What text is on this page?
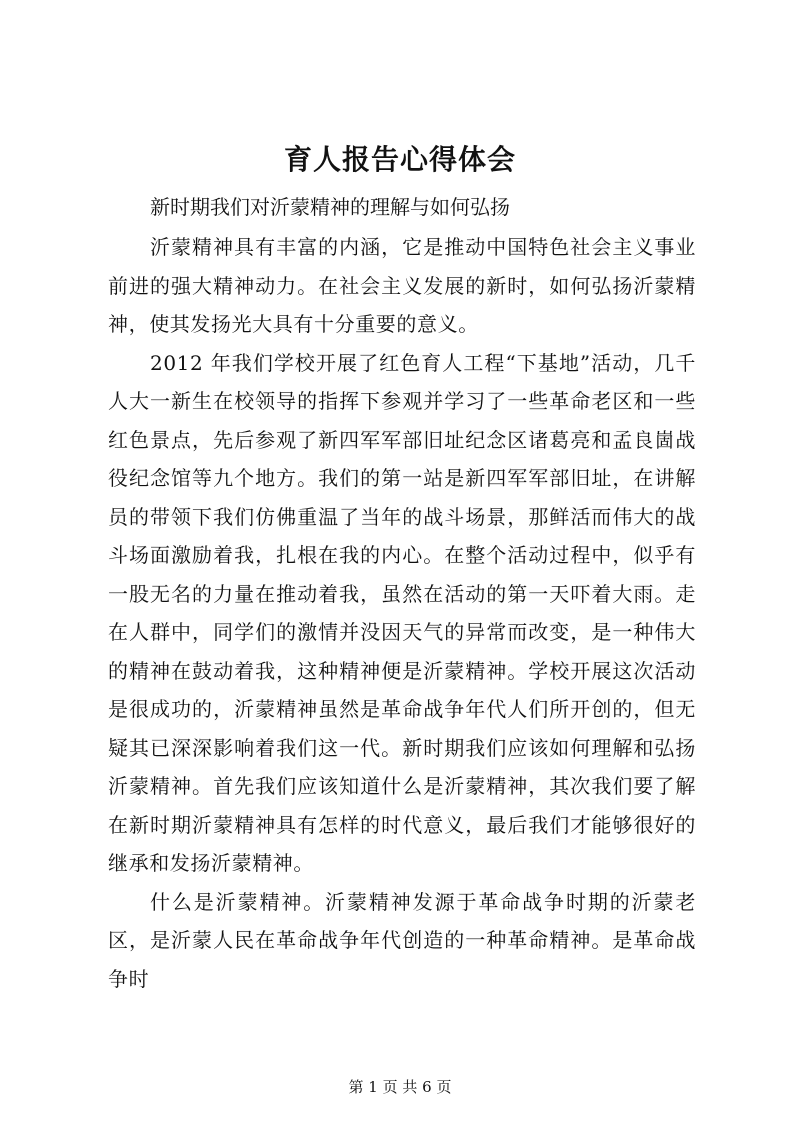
育人报告心得体会

新时期我们对沂蒙精神的理解与如何弘扬

沂蒙精神具有丰富的内涵，它是推动中国特色社会主义事业前进的强大精神动力。在社会主义发展的新时，如何弘扬沂蒙精神，使其发扬光大具有十分重要的意义。

2012 年我们学校开展了红色育人工程“下基地”活动，几千人大一新生在校领导的指挥下参观并学习了一些革命老区和一些红色景点，先后参观了新四军军部旧址纪念区诸葛亮和孟良崮战役纪念馆等九个地方。我们的第一站是新四军军部旧址，在讲解员的带领下我们仿佛重温了当年的战斗场景，那鲜活而伟大的战斗场面激励着我，扎根在我的内心。在整个活动过程中，似乎有一股无名的力量在推动着我，虽然在活动的第一天吓着大雨。走在人群中，同学们的激情并没因天气的异常而改变，是一种伟大的精神在鼓动着我，这种精神便是沂蒙精神。学校开展这次活动是很成功的，沂蒙精神虽然是革命战争年代人们所开创的，但无疑其已深深影响着我们这一代。新时期我们应该如何理解和弘扬沂蒙精神。首先我们应该知道什么是沂蒙精神，其次我们要了解在新时期沂蒙精神具有怎样的时代意义，最后我们才能够很好的继承和发扬沂蒙精神。

什么是沂蒙精神。沂蒙精神发源于革命战争时期的沂蒙老区，是沂蒙人民在革命战争年代创造的一种革命精神。是革命战争时

第 1 页 共 6 页
